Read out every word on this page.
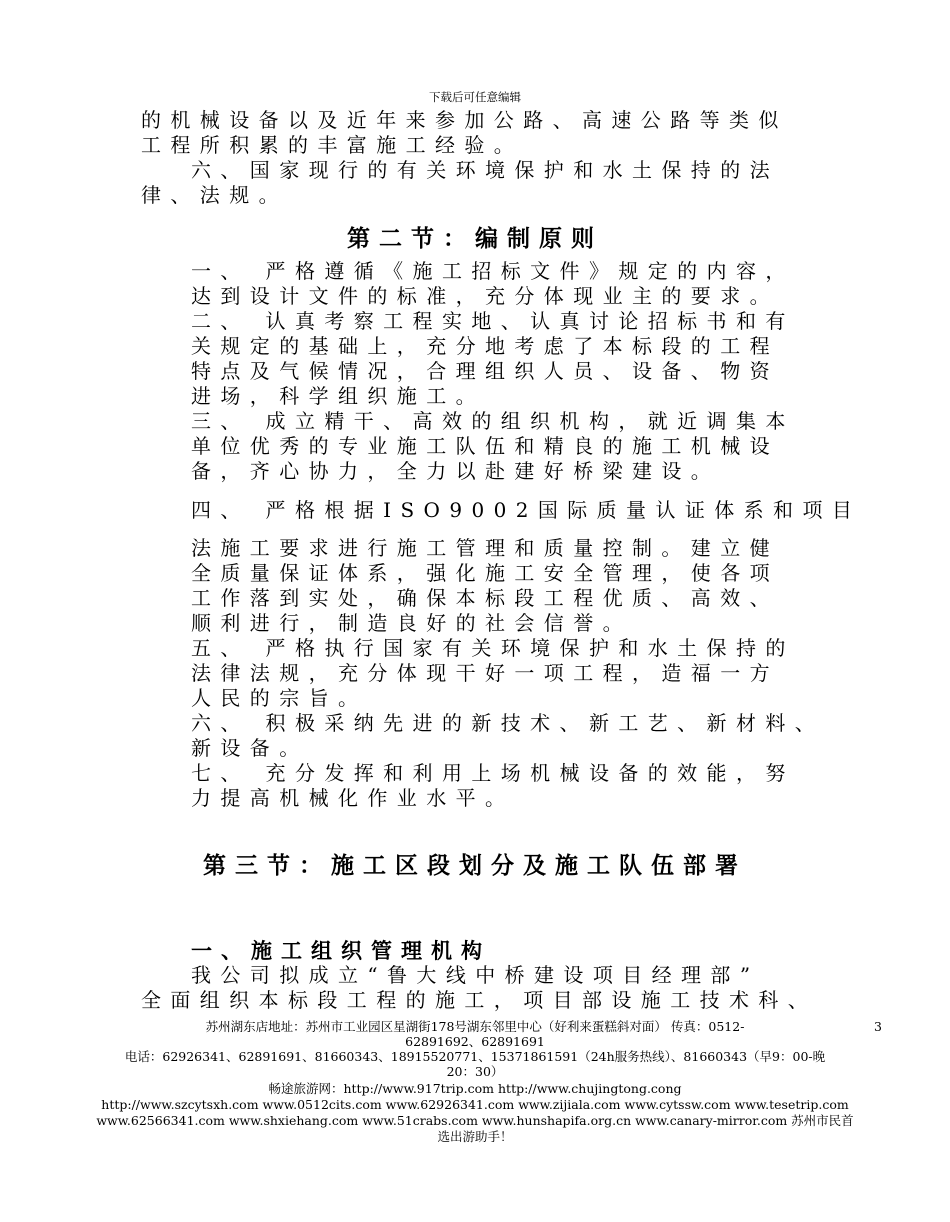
下载后可任意编辑
的机械设备以及近年来参加公路、高速公路等类似
工程所积累的丰富施工经验。
六、国家现行的有关环境保护和水土保持的法
律、法规。
第二节：编制原则
一、 严格遵循《施工招标文件》规定的内容，
达到设计文件的标准，充分体现业主的要求。
二、 认真考察工程实地、认真讨论招标书和有
关规定的基础上，充分地考虑了本标段的工程
特点及气候情况，合理组织人员、设备、物资
进场，科学组织施工。
三、 成立精干、高效的组织机构，就近调集本
单位优秀的专业施工队伍和精良的施工机械设
备，齐心协力，全力以赴建好桥梁建设。
四、 严格根据ISO9002国际质量认证体系和项目
法施工要求进行施工管理和质量控制。建立健
全质量保证体系，强化施工安全管理，使各项
工作落到实处，确保本标段工程优质、高效、
顺利进行，制造良好的社会信誉。
五、 严格执行国家有关环境保护和水土保持的
法律法规，充分体现干好一项工程，造福一方
人民的宗旨。
六、 积极采纳先进的新技术、新工艺、新材料、
新设备。
七、 充分发挥和利用上场机械设备的效能，努
力提高机械化作业水平。
第三节：施工区段划分及施工队伍部署
一、施工组织管理机构
我公司拟成立“鲁大线中桥建设项目经理部”
全面组织本标段工程的施工，项目部设施工技术科、
3
苏州湖东店地址：苏州市工业园区星湖街178号湖东邻里中心（好利来蛋糕斜对面） 传真：0512-
62891692、62891691
电话：62926341、62891691、81660343、18915520771、15371861591（24h服务热线）、81660343（早9：00-晚
20：30）
畅途旅游网：http://www.917trip.com http://www.chujingtong.cong
http://www.szcytsxh.com www.0512cits.com www.62926341.com www.zijiala.com www.cytssw.com www.tesetrip.com
www.62566341.com www.shxiehang.com www.51crabs.com www.hunshapifa.org.cn www.canary-mirror.com 苏州市民首
选出游助手！
